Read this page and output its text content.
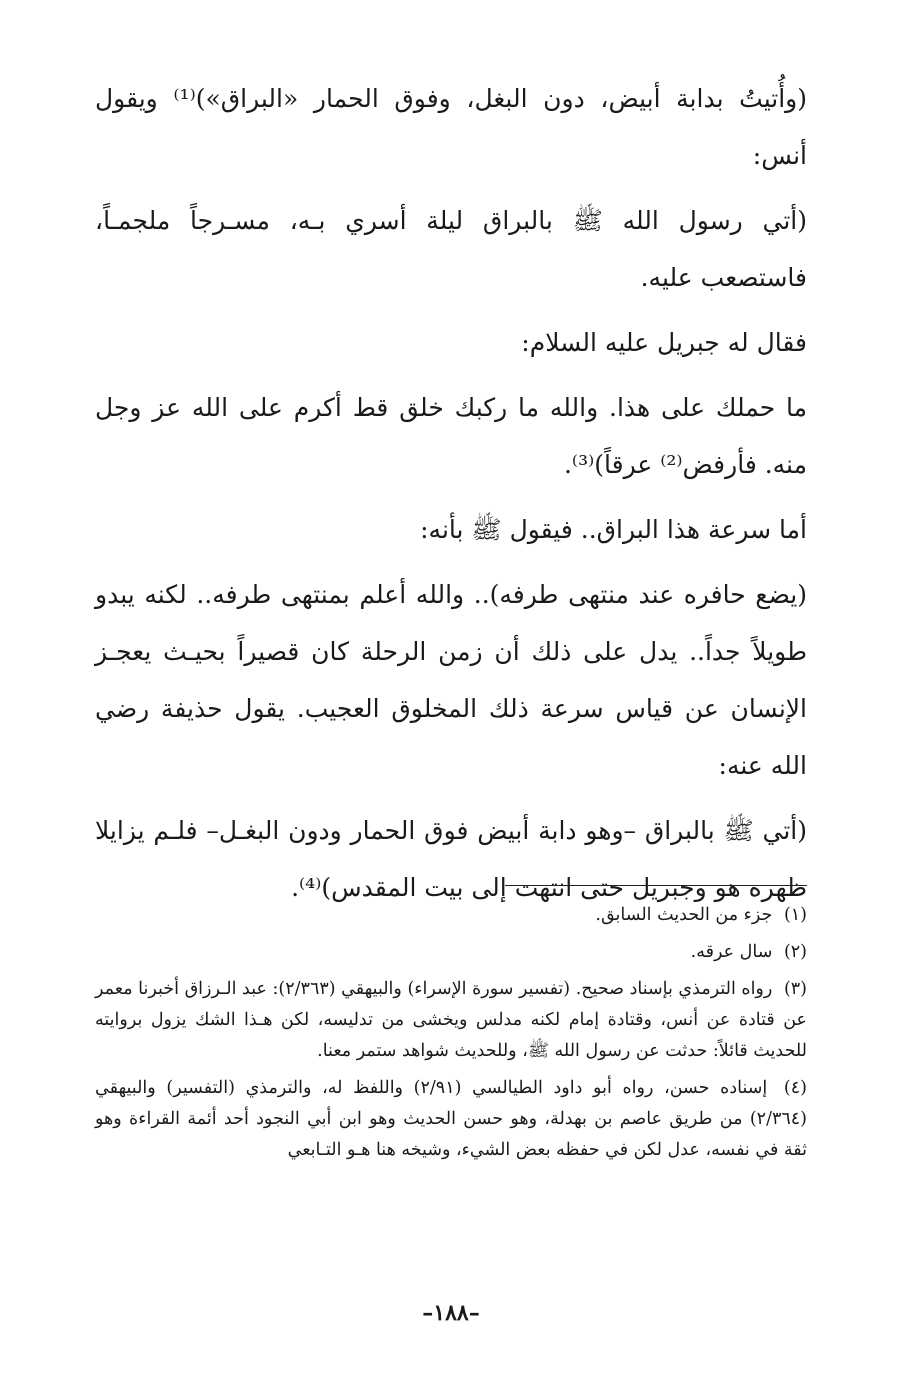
(وأُتيتُ بدابة أبيض، دون البغل، وفوق الحمار «البراق»)⁽¹⁾ ويقول أنس:

(أتي رسول الله ﷺ بالبراق ليلة أسري بـه، مسـرجاً ملجمـاً، فاستصعب عليه.

فقال له جبريل عليه السلام:

ما حملك على هذا. والله ما ركبك خلق قط أكرم على الله عز وجل منه. فأرفض⁽²⁾ عرقاً)⁽³⁾.

أما سرعة هذا البراق.. فيقول ﷺ بأنه:

(يضع حافره عند منتهى طرفه).. والله أعلم بمنتهى طرفه.. لكنه يبدو طويلاً جداً.. يدل على ذلك أن زمن الرحلة كان قصيراً بحيـث يعجـز الإنسان عن قياس سرعة ذلك المخلوق العجيب. يقول حذيفة رضي الله عنه:

(أتي ﷺ بالبراق –وهو دابة أبيض فوق الحمار ودون البغـل– فلـم يزايلا ظهره هو وجبريل حتى انتهت إلى بيت المقدس)⁽⁴⁾.

(١) جزء من الحديث السابق.

(٢) سال عرقه.

(٣) رواه الترمذي بإسناد صحيح. (تفسير سورة الإسراء) والبيهقي (٢/٣٦٣): عبد الـرزاق أخبرنا معمر عن قتادة عن أنس، وقتادة إمام لكنه مدلس ويخشى من تدليسه، لكن هـذا الشك يزول بروايته للحديث قائلاً: حدثت عن رسول الله ﷺ، وللحديث شواهد ستمر معنا.

(٤) إسناده حسن، رواه أبو داود الطيالسي (٢/٩١) واللفظ له، والترمذي (التفسير) والبيهقي (٢/٣٦٤) من طريق عاصم بن بهدلة، وهو حسن الحديث وهو ابن أبي النجود أحد أئمة القراءة وهو ثقة في نفسه، عدل لكن في حفظه بعض الشيء، وشيخه هنا هـو التـابعي

–١٨٨–
